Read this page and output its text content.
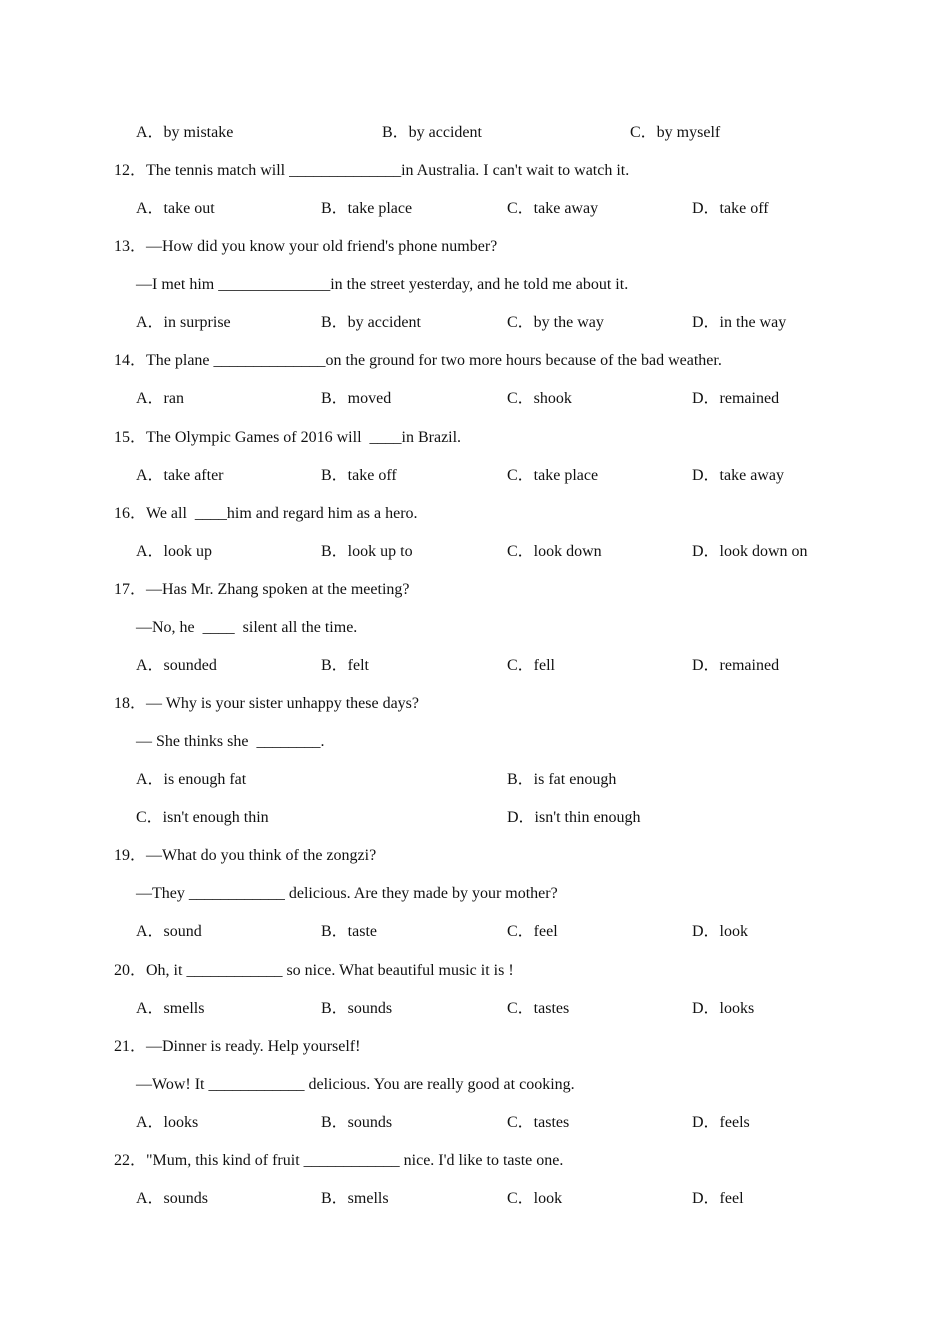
A．by mistake	B．by accident	C．by myself
12．The tennis match will ______________in Australia. I can't wait to watch it.
A．take out	B．take place	C．take away	D．take off
13．—How did you know your old friend's phone number?
—I met him ______________in the street yesterday, and he told me about it.
A．in surprise	B．by accident	C．by the way	D．in the way
14．The plane ______________on the ground for two more hours because of the bad weather.
A．ran	B．moved	C．shook	D．remained
15．The Olympic Games of 2016 will  ____in Brazil.
A．take after	B．take off	C．take place	D．take away
16．We all  ____him and regard him as a hero.
A．look up	B．look up to	C．look down	D．look down on
17．—Has Mr. Zhang spoken at the meeting?
—No, he  ____  silent all the time.
A．sounded	B．felt	C．fell	D．remained
18．— Why is your sister unhappy these days?
— She thinks she  ________.
A．is enough fat	B．is fat enough
C．isn't enough thin	D．isn't thin enough
19．—What do you think of the zongzi?
—They ____________ delicious. Are they made by your mother?
A．sound	B．taste	C．feel	D．look
20．Oh, it ____________ so nice. What beautiful music it is !
A．smells	B．sounds	C．tastes	D．looks
21．—Dinner is ready. Help yourself!
—Wow! It ____________ delicious. You are really good at cooking.
A．looks	B．sounds	C．tastes	D．feels
22．"Mum, this kind of fruit ____________ nice. I'd like to taste one.
A．sounds	B．smells	C．look	D．feel
